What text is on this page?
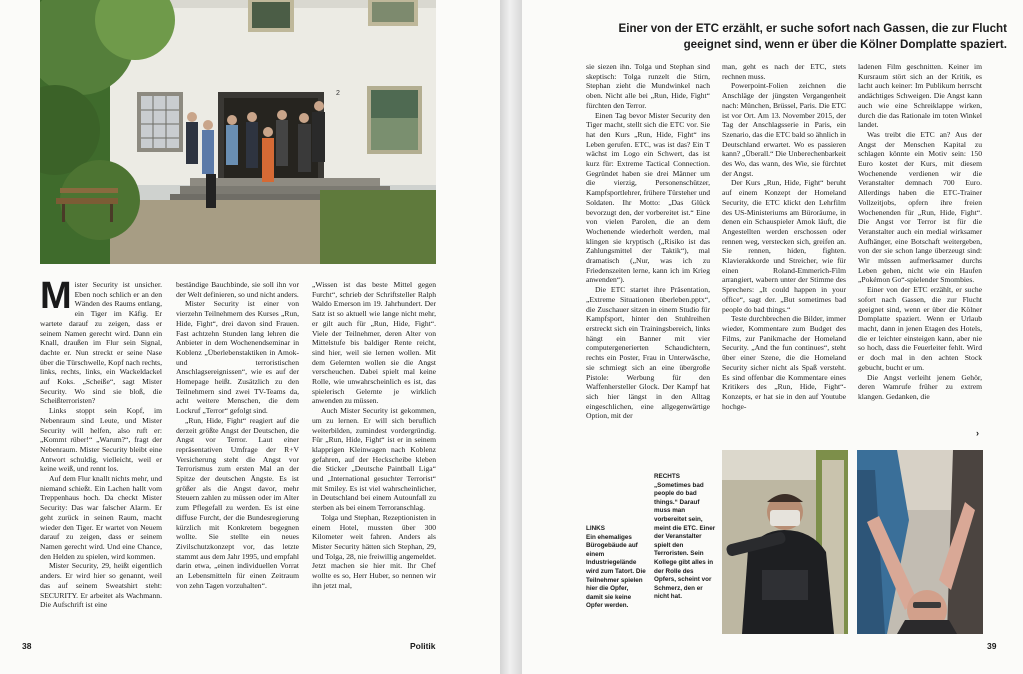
2

Mister Security ist unsicher. Eben noch schlich er an den Wänden des Raums entlang, ein Tiger im Käfig. Er wartete darauf zu zeigen, dass er seinem Namen gerecht wird. Dann ein Knall, draußen im Flur sein Signal, dachte er. Nun streckt er seine Nase über die Türschwelle, Kopf nach rechts, links, rechts, links, ein Wackeldackel auf Koks. „Scheiße“, sagt Mister Security. Wo sind sie bloß, die Scheißterroristen?

Links stoppt sein Kopf, im Nebenraum sind Leute, und Mister Security will helfen, also ruft er: „Kommt rüber!“ „Warum?“, fragt der Nebenraum. Mister Security bleibt eine Antwort schuldig, vielleicht, weil er keine weiß, und rennt los.

Auf dem Flur knallt nichts mehr, und niemand schießt. Ein Lachen hallt vom Treppenhaus hoch. Da checkt Mister Security: Das war falscher Alarm. Er geht zurück in seinen Raum, macht wieder den Tiger. Er wartet von Neuem darauf zu zeigen, dass er seinem Namen gerecht wird. Und eine Chance, den Helden zu spielen, wird kommen.

Mister Security, 29, heißt eigentlich anders. Er wird hier so genannt, weil das auf seinem Sweatshirt steht: SECURITY. Er arbeitet als Wachmann. Die Aufschrift ist eine

beständige Bauchbinde, sie soll ihn vor der Welt definieren, so und nicht anders.

Mister Security ist einer von vierzehn Teilnehmern des Kurses „Run, Hide, Fight“, drei davon sind Frauen. Fast achtzehn Stunden lang lehren die Anbieter in dem Wochenendseminar in Koblenz „Überlebenstaktiken in Amok- und terroristischen Anschlagsereignissen“, wie es auf der Homepage heißt. Zusätzlich zu den Teilnehmern sind zwei TV-Teams da, acht weitere Menschen, die dem Lockruf „Terror“ gefolgt sind.

„Run, Hide, Fight“ reagiert auf die derzeit größte Angst der Deutschen, die Angst vor Terror. Laut einer repräsentativen Umfrage der R+V Versicherung steht die Angst vor Terrorismus zum ersten Mal an der Spitze der deutschen Ängste. Es ist größer als die Angst davor, mehr Steuern zahlen zu müssen oder im Alter zum Pflegefall zu werden. Es ist eine diffuse Furcht, der die Bundesregierung kürzlich mit Konkretem begegnen wollte. Sie stellte ein neues Zivilschutzkonzept vor, das letzte stammt aus dem Jahr 1995, und empfahl darin etwa, „einen individuellen Vorrat an Lebensmitteln für einen Zeitraum von zehn Tagen vorzuhalten“.

„Wissen ist das beste Mittel gegen Furcht“, schrieb der Schriftsteller Ralph Waldo Emerson im 19. Jahrhundert. Der Satz ist so aktuell wie lange nicht mehr, er gilt auch für „Run, Hide, Fight“. Viele der Teilnehmer, deren Alter von Mittelstufe bis baldiger Rente reicht, sind hier, weil sie lernen wollen. Mit dem Gelernten wollen sie die Angst verscheuchen. Dabei spielt mal keine Rolle, wie unwahrscheinlich es ist, das spielerisch Gelernte je wirklich anwenden zu müssen.

Auch Mister Security ist gekommen, um zu lernen. Er will sich beruflich weiterbilden, zumindest vordergründig. Für „Run, Hide, Fight“ ist er in seinem klapprigen Kleinwagen nach Koblenz gefahren, auf der Heckscheibe kleben die Sticker „Deutsche Paintball Liga“ und „International gesuchter Terrorist“ mit Smiley. Es ist viel wahrscheinlicher, in Deutschland bei einem Autounfall zu sterben als bei einem Terroranschlag.

Tolga und Stephan, Rezeptionisten in einem Hotel, mussten über 300 Kilometer weit fahren. Anders als Mister Security hätten sich Stephan, 29, und Tolga, 28, nie freiwillig angemeldet. Jetzt machen sie hier mit. Ihr Chef wollte es so, Herr Huber, so nennen wir ihn jetzt mal,

38	Politik
Einer von der ETC erzählt, er suche sofort nach Gassen, die zur Flucht geeignet sind, wenn er über die Kölner Domplatte spaziert.

sie siezen ihn. Tolga und Stephan sind skeptisch: Tolga runzelt die Stirn, Stephan zieht die Mundwinkel nach oben. Nicht alle bei „Run, Hide, Fight“ fürchten den Terror.

Einen Tag bevor Mister Security den Tiger macht, stellt sich die ETC vor. Sie hat den Kurs „Run, Hide, Fight“ ins Leben gerufen. ETC, was ist das? Ein T wächst im Logo ein Schwert, das ist kurz für: Extreme Tactical Connection. Gegründet haben sie drei Männer um die vierzig, Personenschützer, Kampfsportlehrer, frühere Türsteher und Soldaten. Ihr Motto: „Das Glück bevorzugt den, der vorbereitet ist.“ Eine von vielen Parolen, die an dem Wochenende wiederholt werden, mal klingen sie kryptisch („Risiko ist das Zahlungsmittel der Taktik“), mal dramatisch („Nur, was ich zu Friedenszeiten lerne, kann ich im Krieg anwenden“).

Die ETC startet ihre Präsentation, „Extreme Situationen überleben.pptx“, die Zuschauer sitzen in einem Studio für Kampfsport, hinter den Stuhlreihen erstreckt sich ein Trainingsbereich, links hängt ein Banner mit vier computergenerierten Schaudichtern, rechts ein Poster, Frau in Unterwäsche, sie schmiegt sich an eine übergroße Pistole: Werbung für den Waffenhersteller Glock. Der Kampf hat sich hier längst in den Alltag eingeschlichen, eine allgegenwärtige Option, mit der

man, geht es nach der ETC, stets rechnen muss.

Powerpoint-Folien zeichnen die Anschläge der jüngsten Vergangenheit nach: München, Brüssel, Paris. Die ETC ist vor Ort. Am 13. November 2015, der Tag der Anschlagsserie in Paris, ein Szenario, das die ETC bald so ähnlich in Deutschland erwartet. Wo es passieren kann? „Überall.“ Die Unberechenbarkeit des Wo, das wann, des Wie, sie fürchtet der Angst.

Der Kurs „Run, Hide, Fight“ beruht auf einem Konzept der Homeland Security, die ETC klickt den Lehrfilm des US-Ministeriums am Büroräume, in denen ein Schauspieler Amok läuft, die Angestellten werden erschossen oder rennen weg, verstecken sich, greifen an. Sie rennen, hiden, fighten. Klavierakkorde und Streicher, wie für einen Roland-Emmerich-Film arrangiert, wabern unter der Stimme des Sprechers: „It could happen in your office“, sagt der. „But sometimes bad people do bad things.“

Teste durchbrechen die Bilder, immer wieder, Kommentare zum Budget des Films, zur Panikmache der Homeland Security. „And the fun continues“, steht über einer Szene, die die Homeland Security sicher nicht als Spaß versteht. Es sind offenbar die Kommentare eines Kritikers des „Run, Hide, Fight“-Konzepts, er hat sie in den auf Youtube hochge-

ladenen Film geschnitten. Keiner im Kursraum stört sich an der Kritik, es lacht auch keiner: Im Publikum herrscht andächtiges Schweigen. Die Angst kann auch wie eine Schreiklappe wirken, durch die das Rationale im toten Winkel landet.

Was treibt die ETC an? Aus der Angst der Menschen Kapital zu schlagen könnte ein Motiv sein: 150 Euro kostet der Kurs, mit diesem Wochenende verdienen wir die Veranstalter demnach 700 Euro. Allerdings haben die ETC-Trainer Vollzeitjobs, opfern ihre freien Wochenenden für „Run, Hide, Fight“. Die Angst vor Terror ist für die Veranstalter auch ein medial wirksamer Aufhänger, eine Botschaft weitergeben, von der sie schon lange überzeugt sind: Wir müssen aufmerksamer durchs Leben gehen, nicht wie ein Haufen „Pokémon Go“-spielender Smombies.

Einer von der ETC erzählt, er suche sofort nach Gassen, die zur Flucht geeignet sind, wenn er über die Kölner Domplatte spaziert. Wenn er Urlaub macht, dann in jenen Etagen des Hotels, die er leichter einsteigen kann, aber nie so hoch, dass die Feuerleiter fehlt. Wird er doch mal in den achten Stock gebucht, bucht er um.

Die Angst verleiht jenem Gehör, deren Wamrufe früher zu extrem klangen. Gedanken, die

›
LINKS
Ein ehemaliges Bürogebäude auf einem Industriegelände wird zum Tatort. Die Teilnehmer spielen hier die Opfer, damit sie keine Opfer werden.
RECHTS
„Sometimes bad people do bad things.“ Darauf muss man vorbereitet sein, meint die ETC. Einer der Veranstalter spielt den Terroristen. Sein Kollege gibt alles in der Rolle des Opfers, scheint vor Schmerz, den er nicht hat.
39
